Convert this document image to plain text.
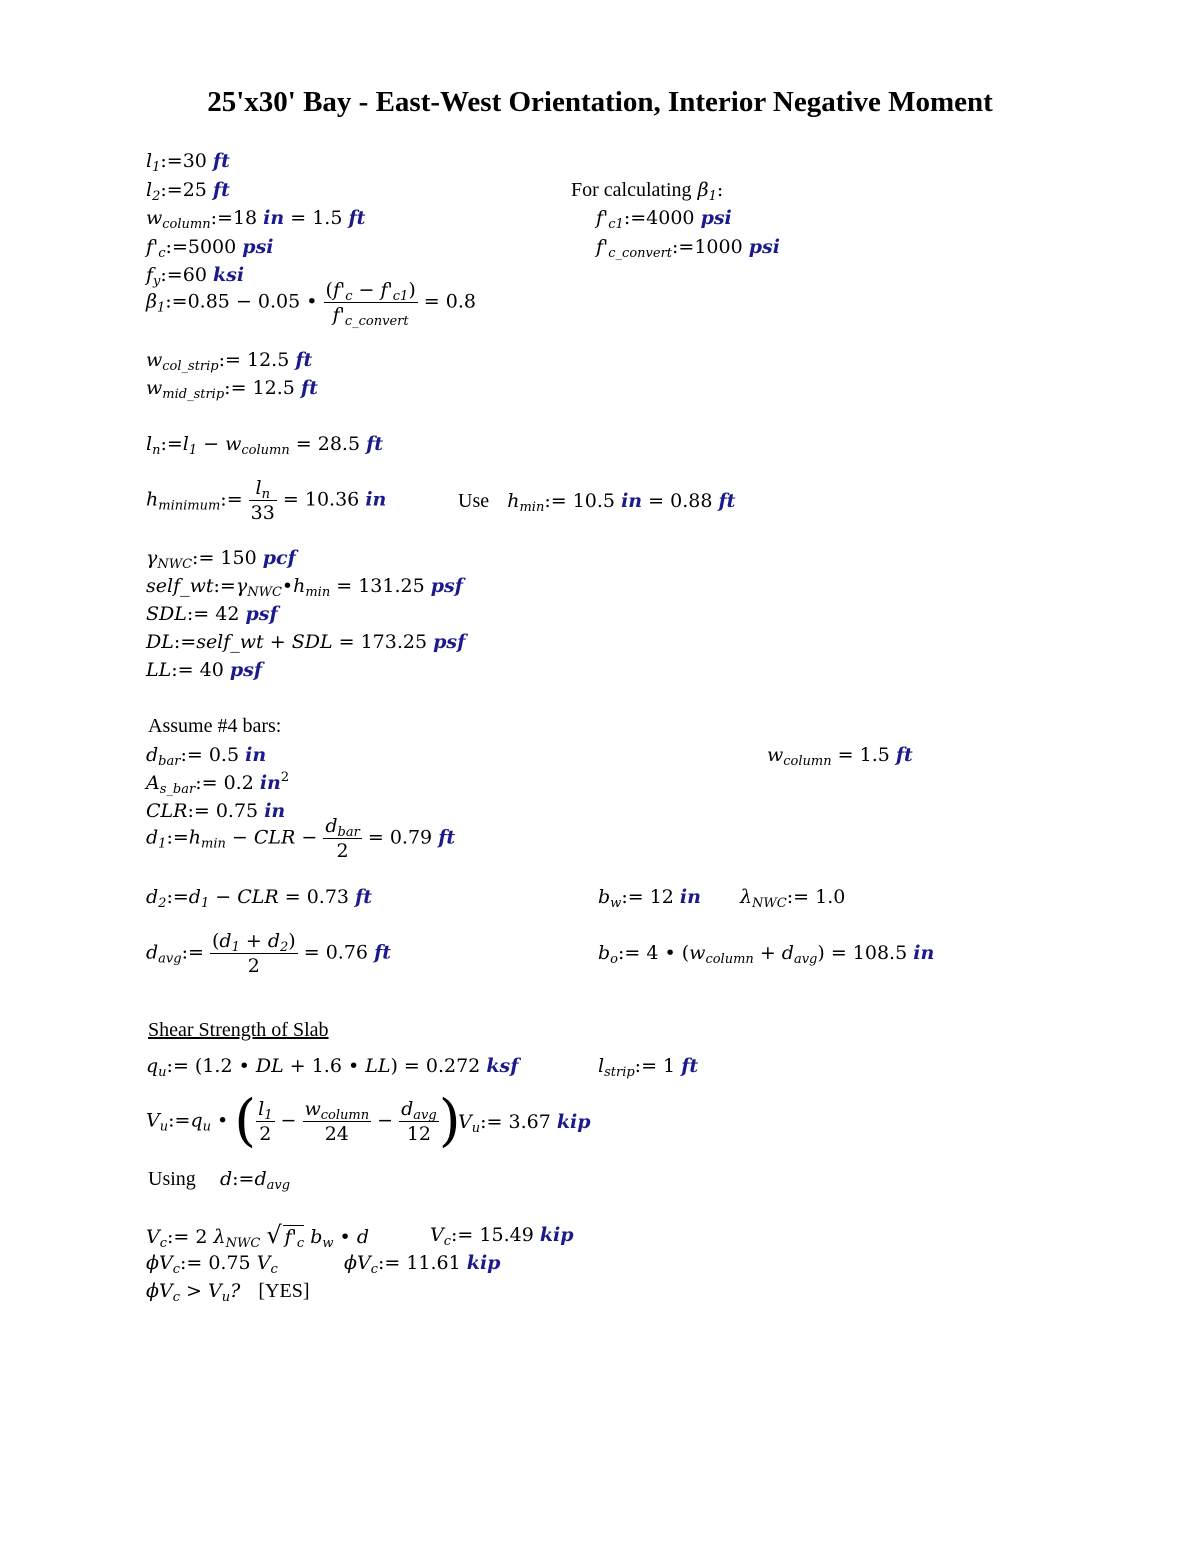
25'x30' Bay - East-West Orientation, Interior Negative Moment
$l_1:=30$ ft
$l_2:=25$ ft	For calculating $\beta_1$:
$w_{column}:=18$ in = 1.5 ft	$f'_{c1}:=4000$ psi
$f'_c:=5000$ psi	$f'_{c\_convert}:=1000$ psi
$f_y:=60$ ksi
$\beta_1:=0.85 - 0.05$ • $\frac{(f'_c - f'_{c1})}{f'_{c\_convert}} = 0.8$
$w_{col\_strip}:= 12.5$ ft
$w_{mid\_strip}:= 12.5$ ft
$l_n:=l_1 - w_{column} = 28.5$ ft
$h_{minimum}:= \frac{l_n}{33} = 10.36$ in	Use $h_{min}:= 10.5$ in = 0.88 ft
$\gamma_{NWC}:= 150$ pcf
$self\_wt:=\gamma_{NWC}•h_{min} = 131.25$ psf
SDL:= 42 psf
DL:=self_wt + SDL = 173.25 psf
LL:= 40 psf
Assume #4 bars:
$d_{bar}:= 0.5$ in	$w_{column} = 1.5$ ft
$A_{s\_bar}:= 0.2$ $in^2$
CLR:= 0.75 in
$d_1:=h_{min}$ − CLR − $\frac{d_{bar}}{2} = 0.79$ ft
$d_2:=d_1$ − CLR = 0.73 ft	$b_w:= 12$ in $\lambda_{NWC}:= 1.0$
$d_{avg}:= \frac{(d_1 + d_2)}{2} = 0.76$ ft	$b_o:= 4$ • $(w_{column} + d_{avg}) = 108.5$ in
Shear Strength of Slab
$q_u:= (1.2$ • DL + 1.6 • LL) = 0.272 ksf	$l_{strip}:= 1$ ft
$V_u:=q_u$ • ( $\frac{l_1}{2} - \frac{w_{column}}{24} - \frac{d_{avg}}{12}$ )
$V_u:= 3.67$ kip
Using $d:=d_{avg}$
$V_c:= 2$ $\lambda_{NWC}$ √ $f'_c$ $b_w$ • d	$V_c:= 15.49$ kip
$\phi V_c:= 0.75$ $V_c$	$\phi V_c:= 11.61$ kip
$\phi V_c > V_u$? [YES]
